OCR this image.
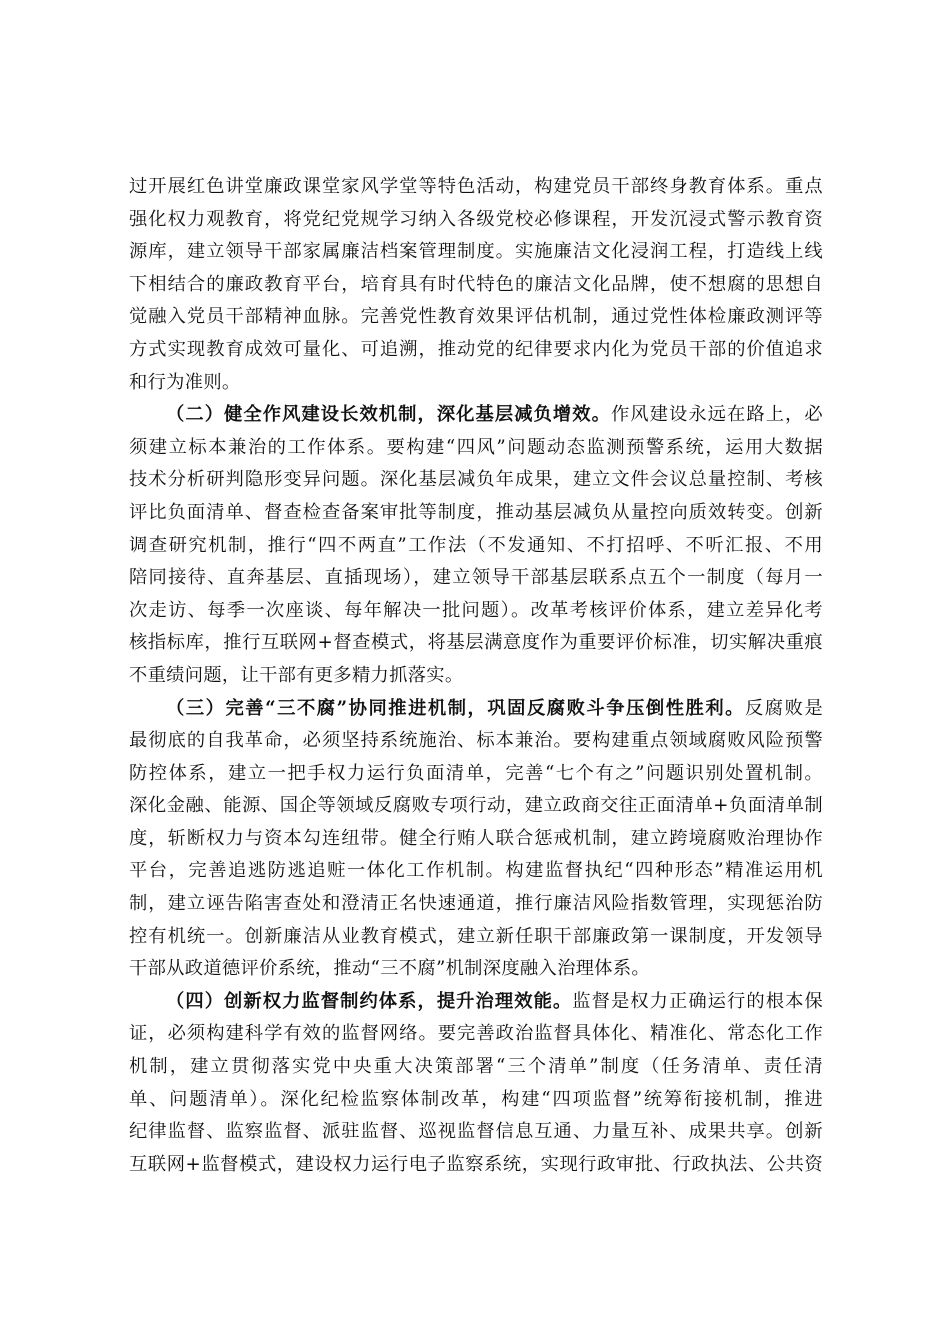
过开展红色讲堂廉政课堂家风学堂等特色活动，构建党员干部终身教育体系。重点
强化权力观教育，将党纪党规学习纳入各级党校必修课程，开发沉浸式警示教育资
源库，建立领导干部家属廉洁档案管理制度。实施廉洁文化浸润工程，打造线上线
下相结合的廉政教育平台，培育具有时代特色的廉洁文化品牌，使不想腐的思想自
觉融入党员干部精神血脉。完善党性教育效果评估机制，通过党性体检廉政测评等
方式实现教育成效可量化、可追溯，推动党的纪律要求内化为党员干部的价值追求
和行为准则。
（二）健全作风建设长效机制，深化基层减负增效。作风建设永远在路上，必
须建立标本兼治的工作体系。要构建“四风”问题动态监测预警系统，运用大数据
技术分析研判隐形变异问题。深化基层减负年成果，建立文件会议总量控制、考核
评比负面清单、督查检查备案审批等制度，推动基层减负从量控向质效转变。创新
调查研究机制，推行“四不两直”工作法（不发通知、不打招呼、不听汇报、不用
陪同接待、直奔基层、直插现场），建立领导干部基层联系点五个一制度（每月一
次走访、每季一次座谈、每年解决一批问题）。改革考核评价体系，建立差异化考
核指标库，推行互联网+督查模式，将基层满意度作为重要评价标准，切实解决重痕
不重绩问题，让干部有更多精力抓落实。
（三）完善“三不腐”协同推进机制，巩固反腐败斗争压倒性胜利。反腐败是
最彻底的自我革命，必须坚持系统施治、标本兼治。要构建重点领域腐败风险预警
防控体系，建立一把手权力运行负面清单，完善“七个有之”问题识别处置机制。
深化金融、能源、国企等领域反腐败专项行动，建立政商交往正面清单+负面清单制
度，斩断权力与资本勾连纽带。健全行贿人联合惩戒机制，建立跨境腐败治理协作
平台，完善追逃防逃追赃一体化工作机制。构建监督执纪“四种形态”精准运用机
制，建立诬告陷害查处和澄清正名快速通道，推行廉洁风险指数管理，实现惩治防
控有机统一。创新廉洁从业教育模式，建立新任职干部廉政第一课制度，开发领导
干部从政道德评价系统，推动“三不腐”机制深度融入治理体系。
（四）创新权力监督制约体系，提升治理效能。监督是权力正确运行的根本保
证，必须构建科学有效的监督网络。要完善政治监督具体化、精准化、常态化工作
机制，建立贯彻落实党中央重大决策部署“三个清单”制度（任务清单、责任清
单、问题清单）。深化纪检监察体制改革，构建“四项监督”统筹衔接机制，推进
纪律监督、监察监督、派驻监督、巡视监督信息互通、力量互补、成果共享。创新
互联网+监督模式，建设权力运行电子监察系统，实现行政审批、行政执法、公共资
